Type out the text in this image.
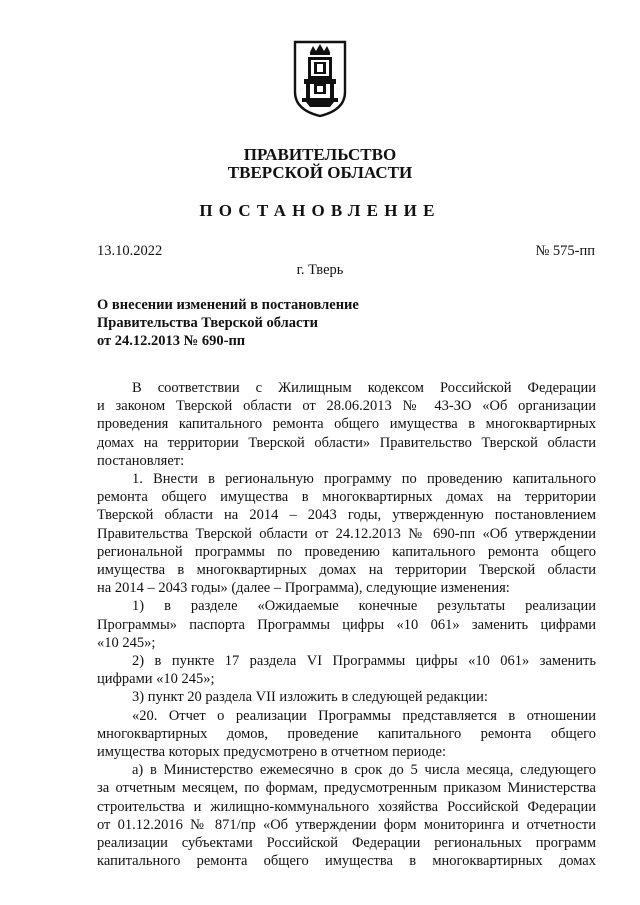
ПРАВИТЕЛЬСТВО
ТВЕРСКОЙ ОБЛАСТИ
ПОСТАНОВЛЕНИЕ
13.10.2022	№ 575-пп
г. Тверь
О внесении изменений в постановление
Правительства Тверской области
от 24.12.2013 № 690-пп

В соответствии с Жилищным кодексом Российской Федерации

и законом Тверской области от 28.06.2013 № 43-ЗО «Об организации

проведения капитального ремонта общего имущества в многоквартирных

домах на территории Тверской области» Правительство Тверской области

постановляет:

1. Внести в региональную программу по проведению капитального

ремонта общего имущества в многоквартирных домах на территории

Тверской области на 2014 – 2043 годы, утвержденную постановлением

Правительства Тверской области от 24.12.2013 № 690-пп «Об утверждении

региональной программы по проведению капитального ремонта общего

имущества в многоквартирных домах на территории Тверской области

на 2014 – 2043 годы» (далее – Программа), следующие изменения:

1) в разделе «Ожидаемые конечные результаты реализации

Программы» паспорта Программы цифры «10 061» заменить цифрами

«10 245»;

2) в пункте 17 раздела VI Программы цифры «10 061» заменить

цифрами «10 245»;

3) пункт 20 раздела VII изложить в следующей редакции:

«20. Отчет о реализации Программы представляется в отношении

многоквартирных домов, проведение капитального ремонта общего

имущества которых предусмотрено в отчетном периоде:

а) в Министерство ежемесячно в срок до 5 числа месяца, следующего

за отчетным месяцем, по формам, предусмотренным приказом Министерства

строительства и жилищно-коммунального хозяйства Российской Федерации

от 01.12.2016 № 871/пр «Об утверждении форм мониторинга и отчетности

реализации субъектами Российской Федерации региональных программ

капитального ремонта общего имущества в многоквартирных домах
